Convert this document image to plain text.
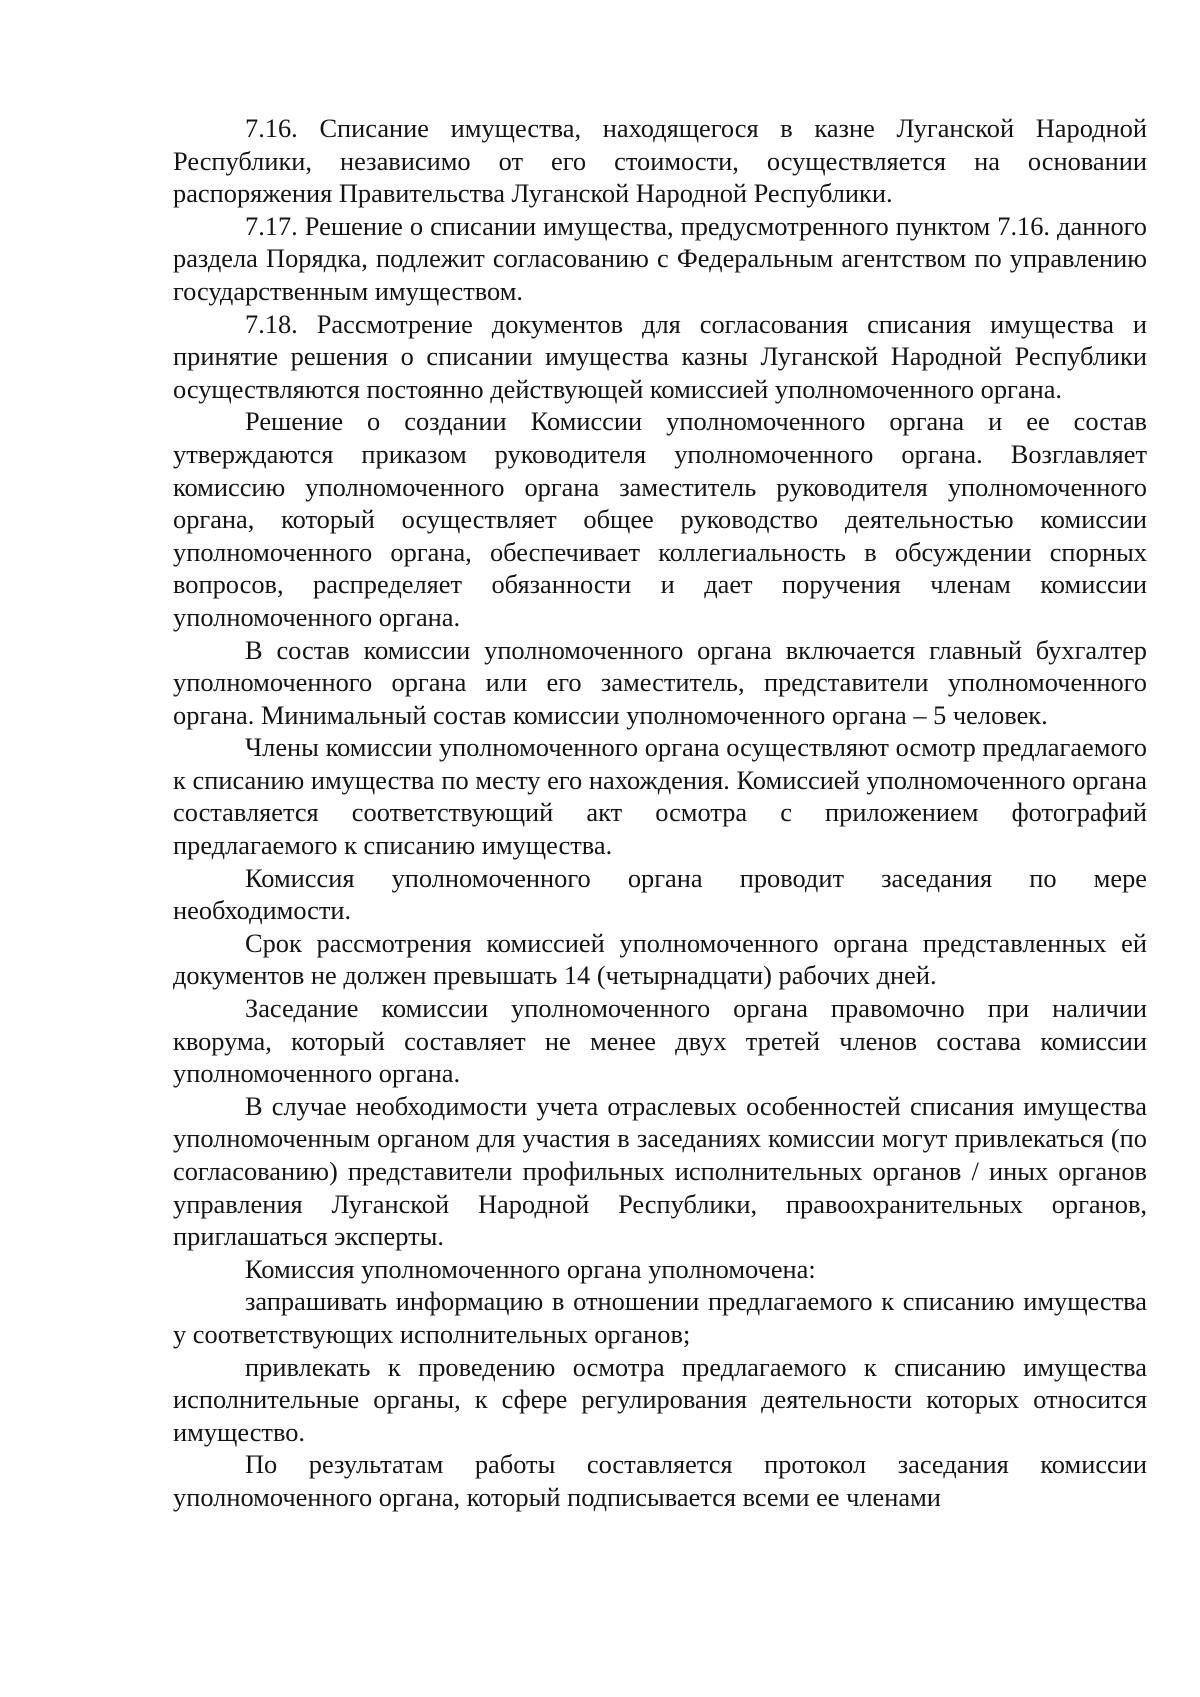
7.16. Списание имущества, находящегося в казне Луганской Народной Республики, независимо от его стоимости, осуществляется на основании распоряжения Правительства Луганской Народной Республики.

7.17. Решение о списании имущества, предусмотренного пунктом 7.16. данного раздела Порядка, подлежит согласованию с Федеральным агентством по управлению государственным имуществом.

7.18. Рассмотрение документов для согласования списания имущества и принятие решения о списании имущества казны Луганской Народной Республики осуществляются постоянно действующей комиссией уполномоченного органа.

Решение о создании Комиссии уполномоченного органа и ее состав утверждаются приказом руководителя уполномоченного органа. Возглавляет комиссию уполномоченного органа заместитель руководителя уполномоченного органа, который осуществляет общее руководство деятельностью комиссии уполномоченного органа, обеспечивает коллегиальность в обсуждении спорных вопросов, распределяет обязанности и дает поручения членам комиссии уполномоченного органа.

В состав комиссии уполномоченного органа включается главный бухгалтер уполномоченного органа или его заместитель, представители уполномоченного органа. Минимальный состав комиссии уполномоченного органа – 5 человек.

Члены комиссии уполномоченного органа осуществляют осмотр предлагаемого к списанию имущества по месту его нахождения. Комиссией уполномоченного органа составляется соответствующий акт осмотра с приложением фотографий предлагаемого к списанию имущества.

Комиссия уполномоченного органа проводит заседания по мере необходимости.

Срок рассмотрения комиссией уполномоченного органа представленных ей документов не должен превышать 14 (четырнадцати) рабочих дней.

Заседание комиссии уполномоченного органа правомочно при наличии кворума, который составляет не менее двух третей членов состава комиссии уполномоченного органа.

В случае необходимости учета отраслевых особенностей списания имущества уполномоченным органом для участия в заседаниях комиссии могут привлекаться (по согласованию) представители профильных исполнительных органов / иных органов управления Луганской Народной Республики, правоохранительных органов, приглашаться эксперты.

Комиссия уполномоченного органа уполномочена:

запрашивать информацию в отношении предлагаемого к списанию имущества у соответствующих исполнительных органов;

привлекать к проведению осмотра предлагаемого к списанию имущества исполнительные органы, к сфере регулирования деятельности которых относится имущество.

По результатам работы составляется протокол заседания комиссии уполномоченного органа, который подписывается всеми ее членами
